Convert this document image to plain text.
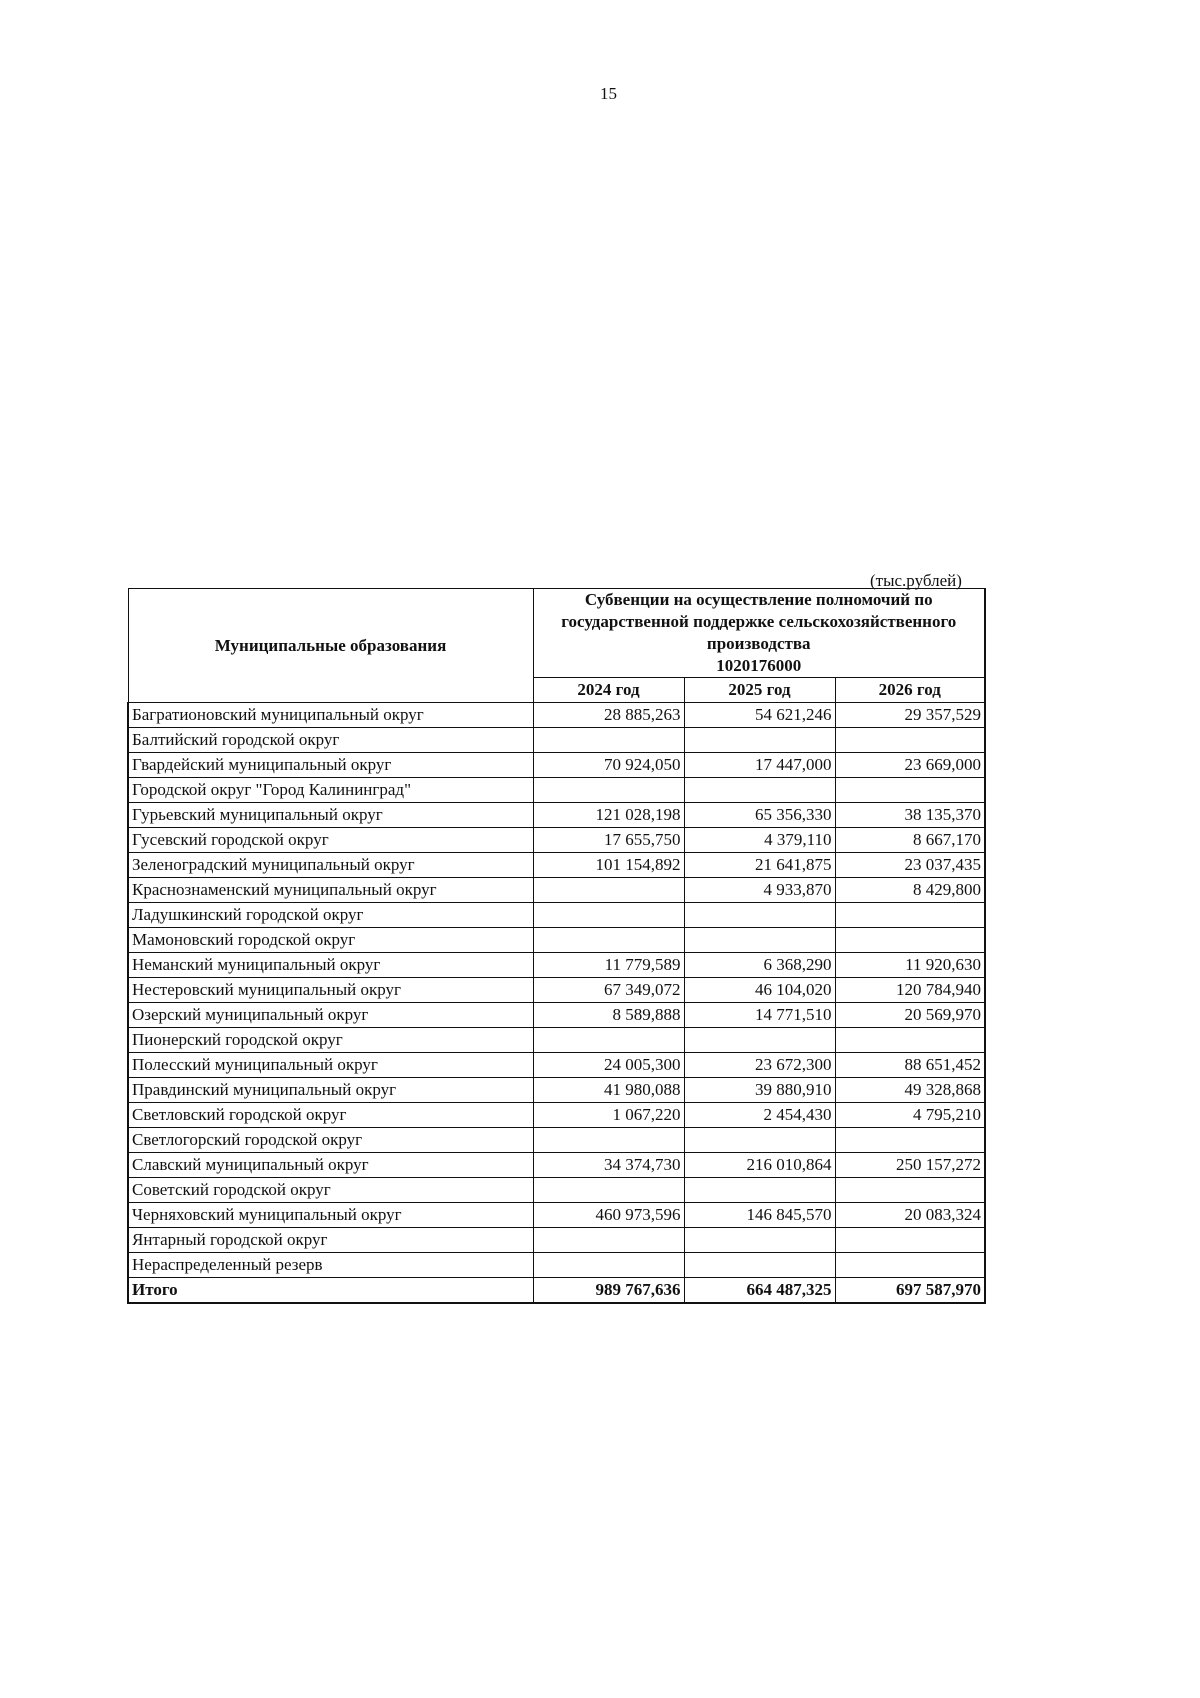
15
(тыс.рублей)
Муниципальные образования	Субвенции на осуществление полномочий по
государственной поддержке сельскохозяйственного
производства
1020176000		

	2024 год	2025 год	2026 год
Багратионовский муниципальный округ	28 885,263	54 621,246	29 357,529
Балтийский городской округ			
Гвардейский муниципальный округ	70 924,050	17 447,000	23 669,000
Городской округ "Город Калининград"			
Гурьевский муниципальный округ	121 028,198	65 356,330	38 135,370
Гусевский городской округ	17 655,750	4 379,110	8 667,170
Зеленоградский муниципальный округ	101 154,892	21 641,875	23 037,435
Краснознаменский муниципальный округ		4 933,870	8 429,800
Ладушкинский городской округ			
Мамоновский городской округ			
Неманский муниципальный округ	11 779,589	6 368,290	11 920,630
Нестеровский муниципальный округ	67 349,072	46 104,020	120 784,940
Озерский муниципальный округ	8 589,888	14 771,510	20 569,970
Пионерский городской округ			
Полесский муниципальный округ	24 005,300	23 672,300	88 651,452
Правдинский муниципальный округ	41 980,088	39 880,910	49 328,868
Светловский городской округ	1 067,220	2 454,430	4 795,210
Светлогорский городской округ			
Славский муниципальный округ	34 374,730	216 010,864	250 157,272
Советский городской округ			
Черняховский муниципальный округ	460 973,596	146 845,570	20 083,324
Янтарный городской округ			
Нераспределенный резерв			
Итого	989 767,636	664 487,325	697 587,970
